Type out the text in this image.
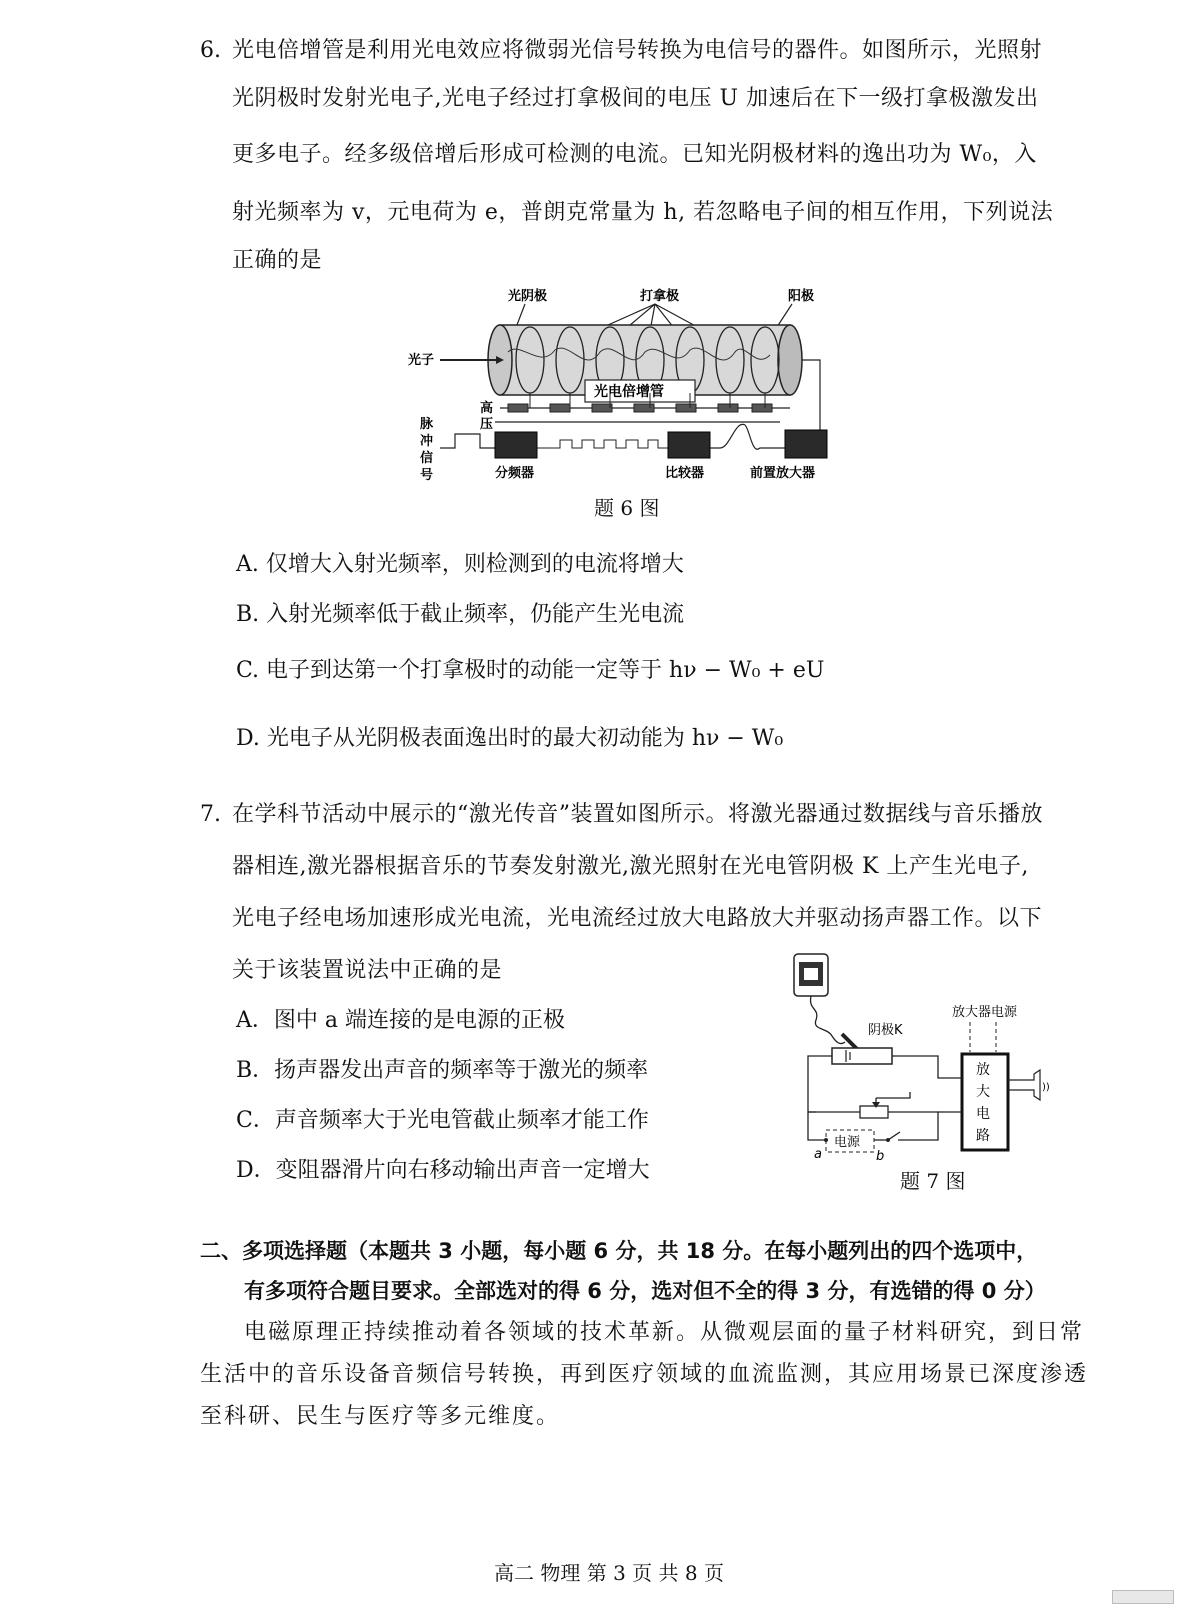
6. 光电倍增管是利用光电效应将微弱光信号转换为电信号的器件。如图所示，光照射
光阴极时发射光电子,光电子经过打拿极间的电压 U 加速后在下一级打拿极激发出
更多电子。经多级倍增后形成可检测的电流。已知光阴极材料的逸出功为 W₀，入
射光频率为 v，元电荷为 e，普朗克常量为 h, 若忽略电子间的相互作用，下列说法
正确的是
光阴极	打拿极	阳极
光子
光电倍增管
高
压
脉
冲
信
号	分频器	比较器	前置放大器
题 6 图
A. 仅增大入射光频率，则检测到的电流将增大
B. 入射光频率低于截止频率，仍能产生光电流
C. 电子到达第一个打拿极时的动能一定等于 hν − W₀ + eU
D. 光电子从光阴极表面逸出时的最大初动能为 hν − W₀
7. 在学科节活动中展示的“激光传音”装置如图所示。将激光器通过数据线与音乐播放
器相连,激光器根据音乐的节奏发射激光,激光照射在光电管阴极 K 上产生光电子,
光电子经电场加速形成光电流，光电流经过放大电路放大并驱动扬声器工作。以下
关于该装置说法中正确的是
A．图中 a 端连接的是电源的正极
B．扬声器发出声音的频率等于激光的频率
C．声音频率大于光电管截止频率才能工作
D．变阻器滑片向右移动输出声音一定增大
阴极K
放大器电源
放
大
电
路
))
电源
a	b
题 7 图
二、多项选择题（本题共 3 小题，每小题 6 分，共 18 分。在每小题列出的四个选项中，
有多项符合题目要求。全部选对的得 6 分，选对但不全的得 3 分，有选错的得 0 分）
电磁原理正持续推动着各领域的技术革新。从微观层面的量子材料研究，到日常
生活中的音乐设备音频信号转换，再到医疗领域的血流监测，其应用场景已深度渗透
至科研、民生与医疗等多元维度。
高二 物理 第 3 页 共 8 页
